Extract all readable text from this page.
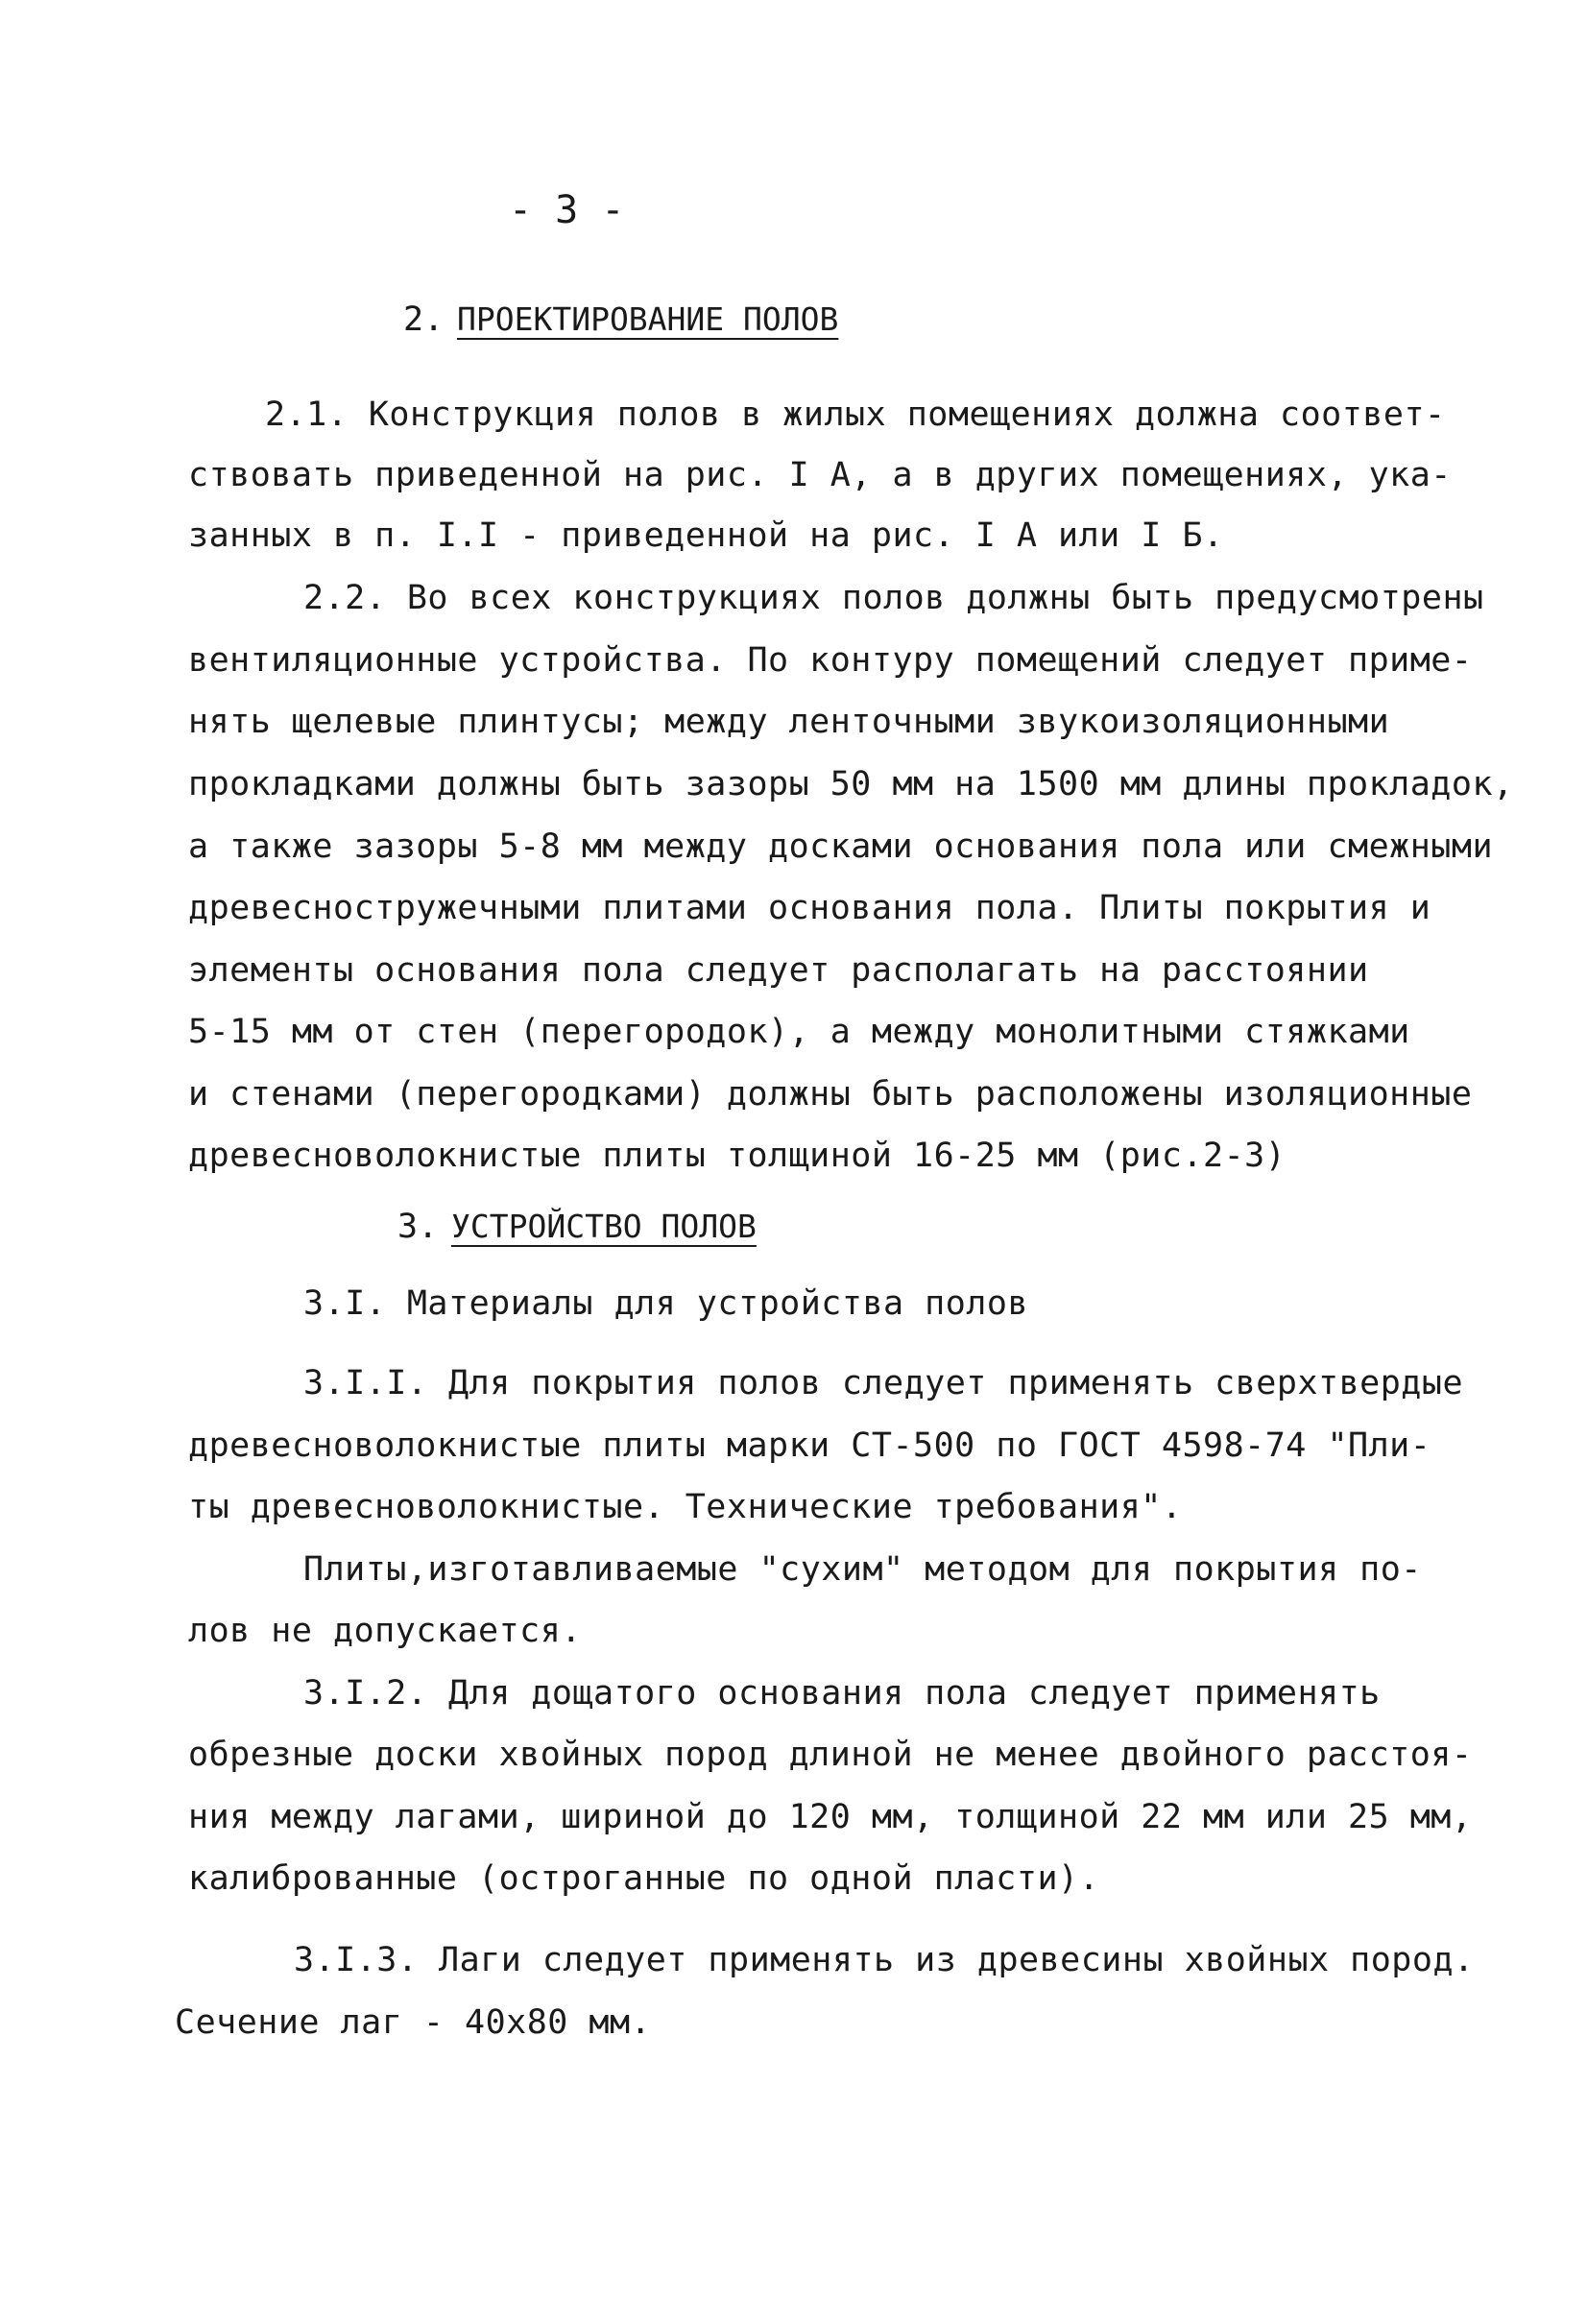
- 3 -
2. ПРОЕКТИРОВАНИЕ ПОЛОВ
2.1. Конструкция полов в жилых помещениях должна соответ-
ствовать приведенной на рис. I А, а в других помещениях, ука-
занных в п. I.I - приведенной на рис. I А или I Б.
2.2. Во всех конструкциях полов должны быть предусмотрены
вентиляционные устройства. По контуру помещений следует приме-
нять щелевые плинтусы; между ленточными звукоизоляционными
прокладками должны быть зазоры 50 мм на 1500 мм длины прокладок,
а также зазоры 5-8 мм между досками основания пола или смежными
древесностружечными плитами основания пола. Плиты покрытия и
элементы основания пола следует располагать на расстоянии
5-15 мм от стен (перегородок), а между монолитными стяжками
и стенами (перегородками) должны быть расположены изоляционные
древесноволокнистые плиты толщиной 16-25 мм (рис.2-3)
3. УСТРОЙСТВО ПОЛОВ
3.I. Материалы для устройства полов
3.I.I. Для покрытия полов следует применять сверхтвердые
древесноволокнистые плиты марки СТ-500 по ГОСТ 4598-74 "Пли-
ты древесноволокнистые. Технические требования".
Плиты,изготавливаемые "сухим" методом для покрытия по-
лов не допускается.
3.I.2. Для дощатого основания пола следует применять
обрезные доски хвойных пород длиной не менее двойного расстоя-
ния между лагами, шириной до 120 мм, толщиной 22 мм или 25 мм,
калиброванные (остроганные по одной пласти).
3.I.3. Лаги следует применять из древесины хвойных пород.
Сечение лаг - 40х80 мм.
